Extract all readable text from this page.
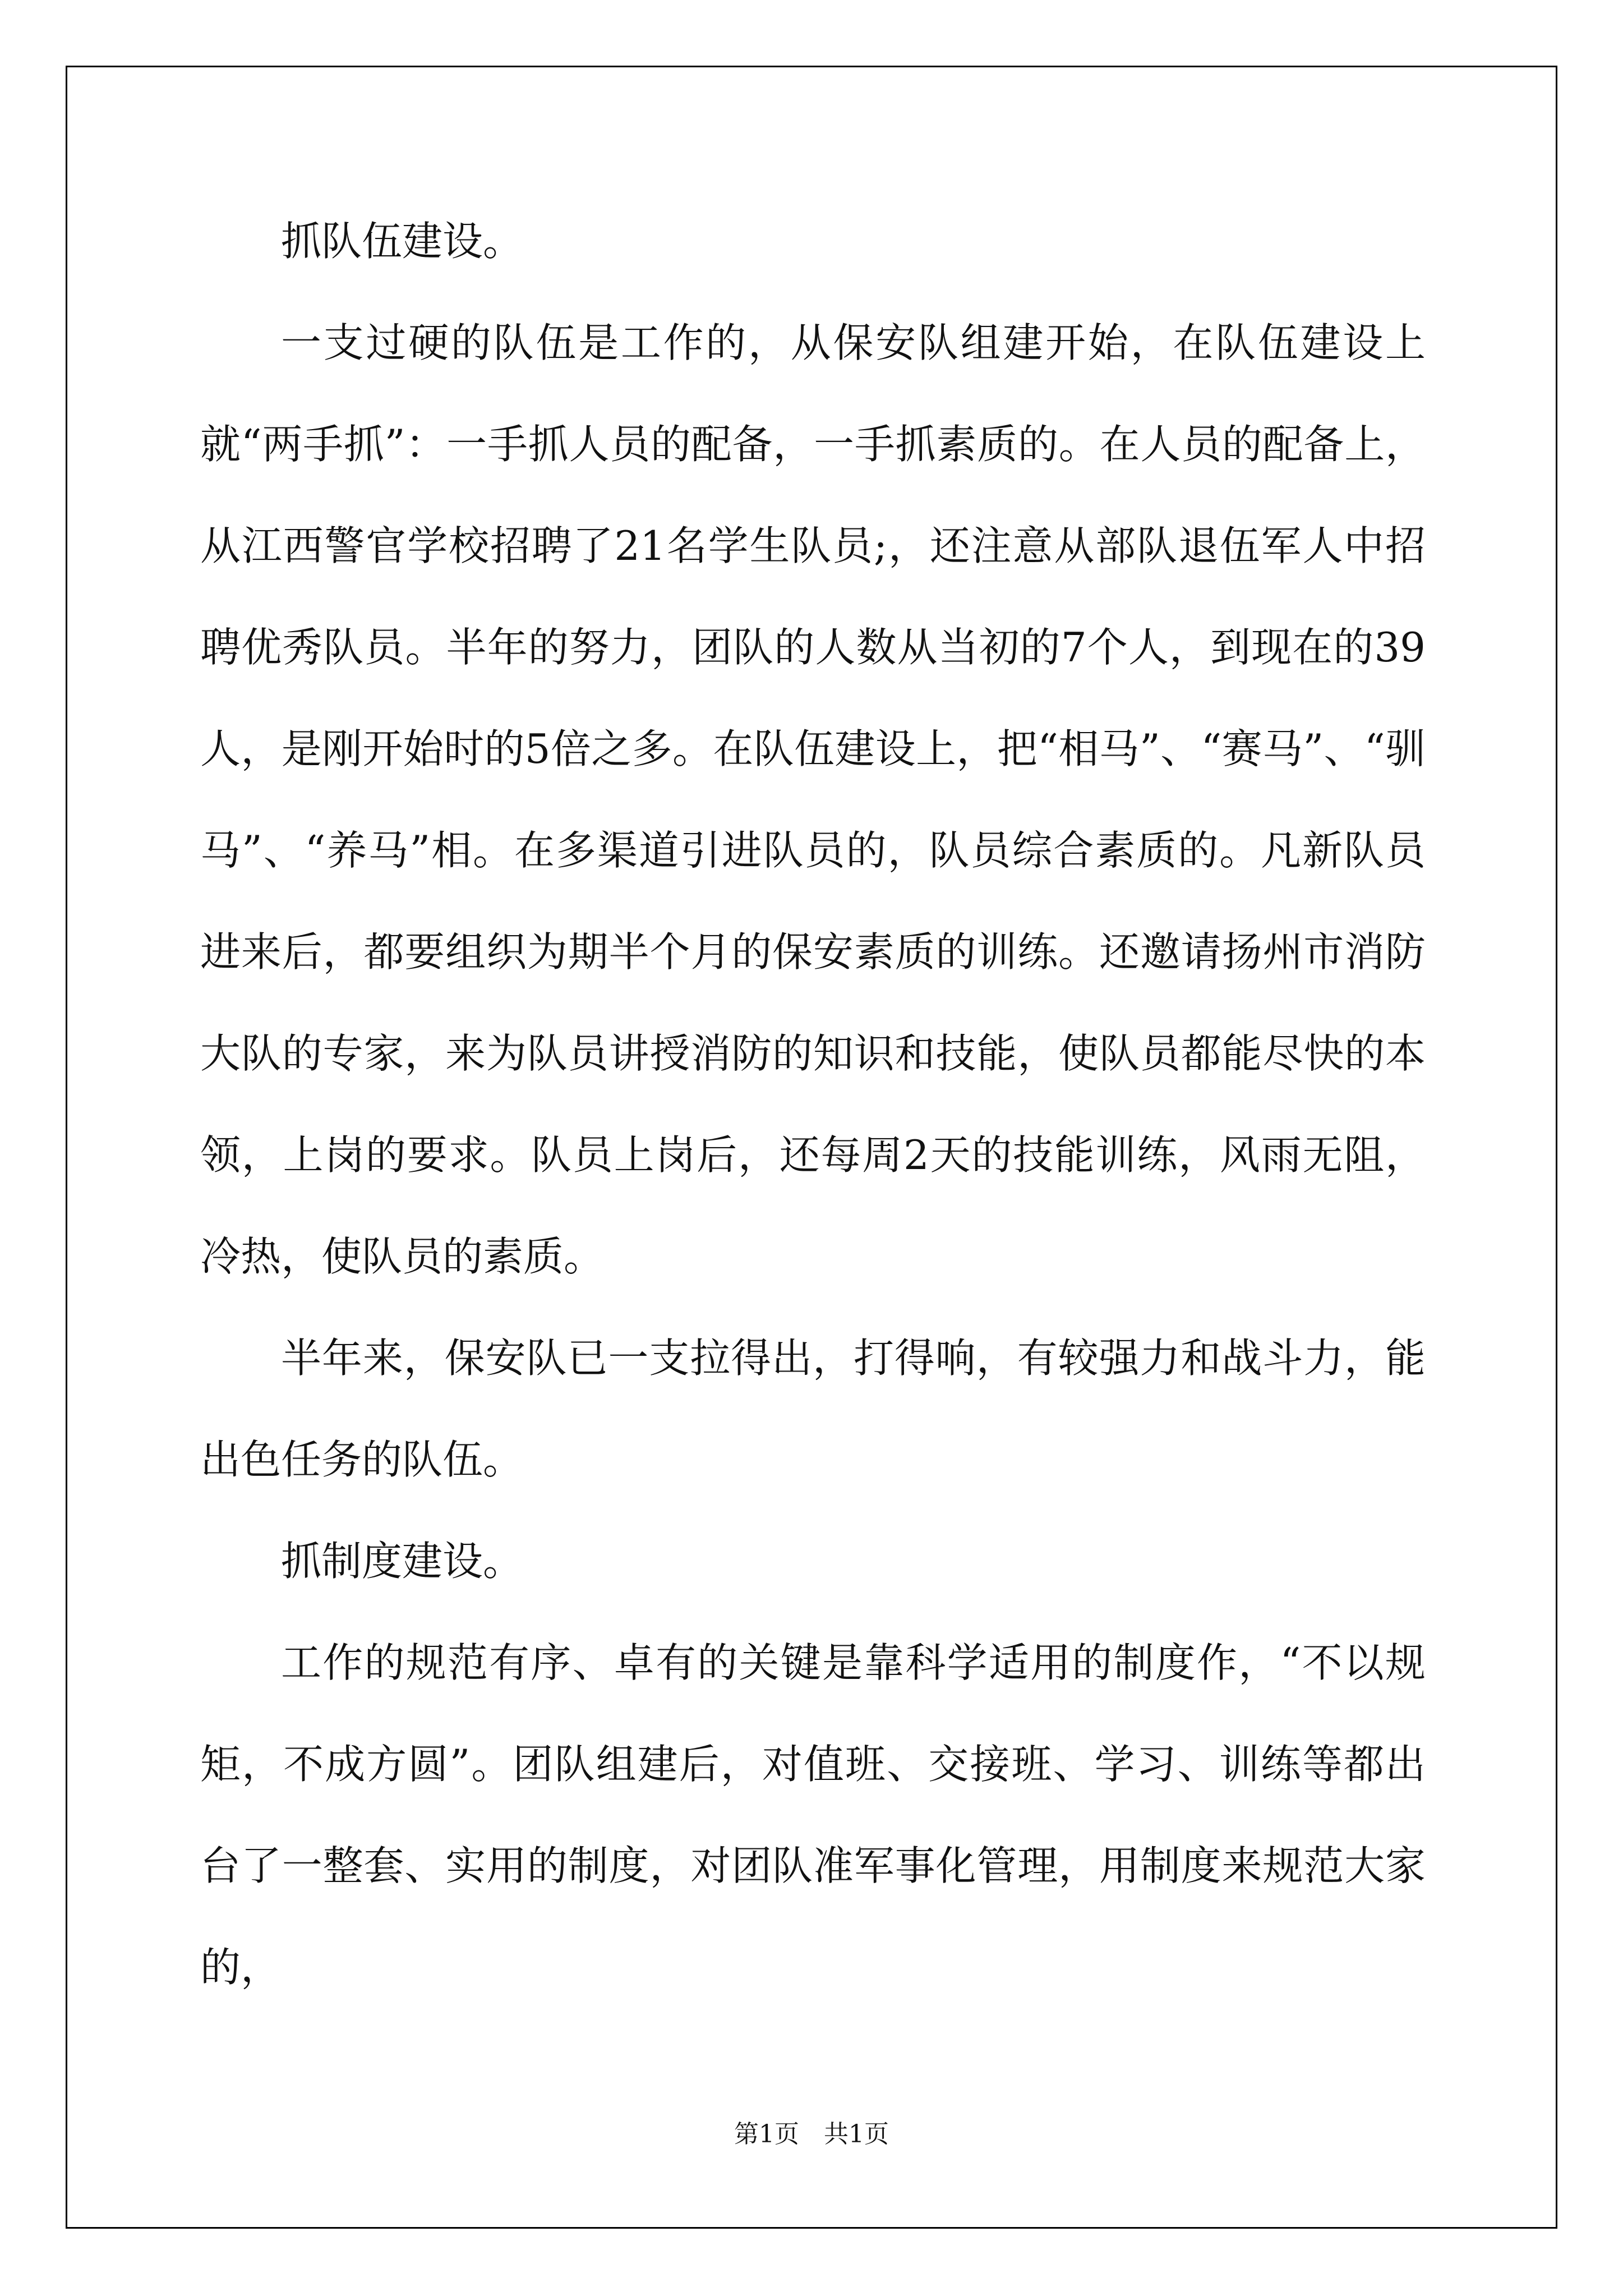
抓队伍建设。

一支过硬的队伍是工作的，从保安队组建开始，在队伍建设上就“两手抓”：一手抓人员的配备，一手抓素质的。在人员的配备上，从江西警官学校招聘了21名学生队员;，还注意从部队退伍军人中招聘优秀队员。半年的努力，团队的人数从当初的7个人，到现在的39人，是刚开始时的5倍之多。在队伍建设上，把“相马”、“赛马”、“驯马”、“养马”相。在多渠道引进队员的，队员综合素质的。凡新队员进来后，都要组织为期半个月的保安素质的训练。还邀请扬州市消防大队的专家，来为队员讲授消防的知识和技能，使队员都能尽快的本领，上岗的要求。队员上岗后，还每周2天的技能训练，风雨无阻，冷热，使队员的素质。

半年来，保安队已一支拉得出，打得响，有较强力和战斗力，能出色任务的队伍。

抓制度建设。

工作的规范有序、卓有的关键是靠科学适用的制度作，“不以规矩，不成方圆”。团队组建后，对值班、交接班、学习、训练等都出台了一整套、实用的制度，对团队准军事化管理，用制度来规范大家的，

第1页　共1页
